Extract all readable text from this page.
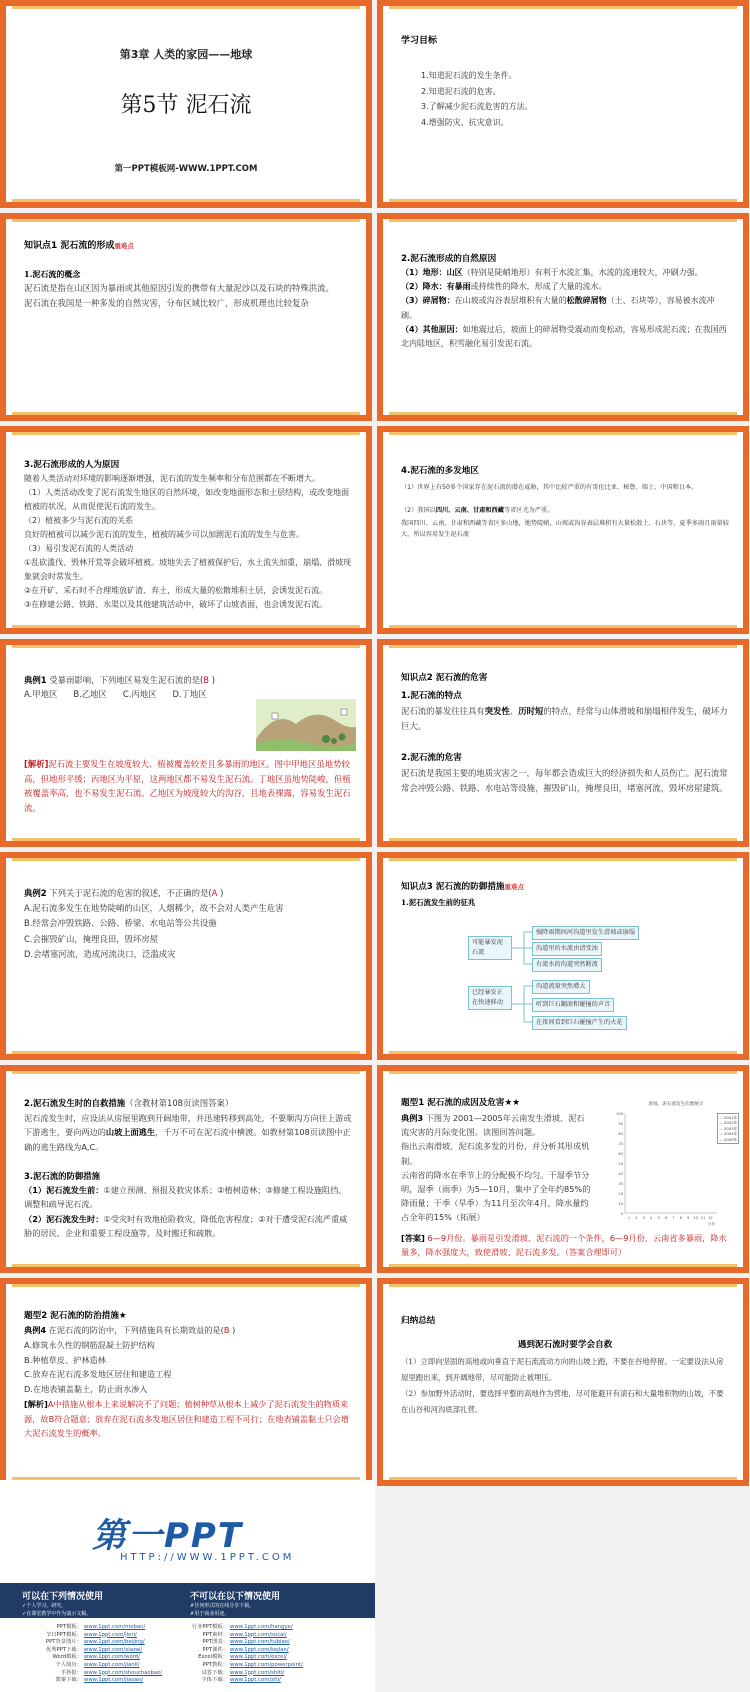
第3章 人类的家园——地球
第5节 泥石流
第一PPT模板网-WWW.1PPT.COM
学习目标
1.知道泥石流的发生条件。
2.知道泥石流的危害。
3.了解减少泥石流危害的方法。
4.增强防灾、抗灾意识。
知识点1 泥石流的形成重难点
1.泥石流的概念
泥石流是指在山区因为暴雨或其他原因引发的携带有大量泥沙以及石块的特殊洪流。
泥石流在我国是一种多发的自然灾害，分布区域比较广，形成机理也比较复杂
2.泥石流形成的自然原因
（1）地形：山区（特别是陡峭地形）有利于水流汇集，水流的流速较大，冲刷力强。
（2）降水：有暴雨或持续性的降水，形成了大量的流水。
（3）碎屑物：在山坡或沟谷表层堆积有大量的松散碎屑物（土、石块等），容易被水流冲刷。
（4）其他原因：如地震过后，坡面上的碎屑物受震动而变松动，容易形成泥石流；在我国西北内陆地区，积雪融化易引发泥石流。
3.泥石流形成的人为原因
随着人类活动对环境的影响逐渐增强，泥石流的发生频率和分布范围都在不断增大。
（1）人类活动改变了泥石流发生地区的自然环境，如改变地面形态和土层结构，或改变地面植被的状况，从而促使泥石流的发生。
（2）植被多少与泥石流的关系
良好的植被可以减少泥石流的发生，植被的减少可以加剧泥石流的发生与危害。
（3）易引发泥石流的人类活动
①乱砍滥伐、毁林开荒等会破坏植被。坡地失去了植被保护后，水土流失加重，崩塌、滑坡现象就会时常发生。
②在开矿、采石时不合理堆放矿渣、弃土，形成大量的松散堆积土层，会诱发泥石流。
③在修建公路、铁路、水渠以及其他建筑活动中，破坏了山坡表面，也会诱发泥石流。
4.泥石流的多发地区
（1）世界上有50多个国家存在泥石流的潜在威胁，其中比较严重的有哥伦比亚、秘鲁、瑞士、中国和日本。
（2）我国以四川、云南、甘肃和西藏等省区尤为严重。
我国四川、云南、甘肃和西藏等省区多山地，地势陡峭，山坡或沟谷表层堆积有大量松散土、石块等，夏季多雨且雨量较大，所以容易发生泥石流
典例1 受暴雨影响，下列地区易发生泥石流的是(B )
A.甲地区      B.乙地区      C.丙地区      D.丁地区
[解析]泥石流主要发生在坡度较大、植被覆盖较差且多暴雨的地区。图中甲地区虽地势较高，但地形平缓；丙地区为平原，这两地区都不易发生泥石流。丁地区虽地势陡峻，但植被覆盖率高，也不易发生泥石流。乙地区为坡度较大的沟谷，且地表裸露，容易发生泥石流。
知识点2 泥石流的危害
1.泥石流的特点
泥石流的暴发往往具有突发性、历时短的特点，经常与山体滑坡和崩塌相伴发生，破坏力巨大。
2.泥石流的危害
泥石流是我国主要的地质灾害之一，每年都会造成巨大的经济损失和人员伤亡。泥石流常常会冲毁公路、铁路、水电站等设施，摧毁矿山，掩埋良田，堵塞河流，毁坏房屋建筑。
典例2 下列关于泥石流的危害的叙述，不正确的是(A )
A.泥石流多发生在地势陡峭的山区，人烟稀少，故不会对人类产生危害
B.经常会冲毁铁路、公路、桥梁、水电站等公共设施
C.会摧毁矿山，掩埋良田，毁坏房屋
D.会堵塞河流，造成河流决口，泛滥成灾
知识点3 泥石流的防御措施重难点
1.泥石流发生前的征兆
可能暴发泥石流
已经暴发正在快速移动
强降雨期间河沟道里发生滑坡或崩塌
沟道里的水流由清变浊
有流水的沟道突然断流
沟道流量突然增大
听到巨石翻滚和碰撞的声音
在夜间看到巨石碰撞产生的火花
2.泥石流发生时的自救措施（含教材第108页读图答案）
泥石流发生时，应设法从房屋里跑到开阔地带，并迅速转移到高处，不要顺沟方向往上游或下游逃生，要向两边的山坡上面逃生，千万不可在泥石流中横渡。如教材第108页读图中正确的逃生路线为A,C。
3.泥石流的防御措施
（1）泥石流发生前：①建立预测、预报及救灾体系；②植树造林；③修建工程设施阻挡、调整和疏导泥石流。
（2）泥石流发生时：①受灾时有效地抢险救灾，降低危害程度；②对于遭受泥石流严重威胁的居民、企业和重要工程设施等，及时搬迁和疏散。
题型1 泥石流的成因及危害★★
典例3 下图为 2001—2005年云南发生滑坡、泥石流灾害的月际变化图。读图回答问题。
指出云南滑坡、泥石流多发的月份，并分析其形成机制。
云南省的降水在季节上的分配极不均匀。干湿季节分明，湿季（雨季）为5—10月，集中了全年约85%的降雨量；干季（旱季）为11月至次年4月，降水量约占全年的15%（拓展）
[答案] 6—9月份。暴雨是引发滑坡、泥石流的一个条件，6—9月份，云南省多暴雨，降水量多，降水强度大，致使滑坡、泥石流多发。（答案合理即可）
滑坡、泥石流发生次数统计
100
90
80
70
60
50
40
30
20
10
0
1 2 3 4 5 6 7 8 9 10 11 12
月份
— 2001年
— 2002年
— 2003年
— 2004年
— 2005年
题型2 泥石流的防治措施★
典例4 在泥石流的防治中，下列措施具有长期效益的是(B )
A.修筑永久性的钢筋混凝土防护结构
B.种植草皮、护林造林
C.放弃在泥石流多发地区居住和建造工程
D.在地表铺盖黏土，防止雨水渗入
[解析]A中措施从根本上来说解决不了问题；植树种草从根本上减少了泥石流发生的物质来源，故B符合题意；放弃在泥石流多发地区居住和建造工程不可行；在地表铺盖黏土只会增大泥石流发生的概率。
归纳总结
遇到泥石流时要学会自救
（1）立即向坚固的高地或向垂直于泥石流流动方向的山坡上跑，不要在谷地停留。一定要设法从房屋里跑出来，到开阔地带，尽可能防止被埋压。
（2）参加野外活动时，要选择平整的高地作为营地，尽可能避开有滚石和大量堆积物的山坡，不要在山谷和河沟底部扎营。
第一PPT
HTTP://WWW.1PPT.COM
可以在下列情况使用
✓个人学习、研究。
✓在课堂教学中作为演示文稿。
不可以在以下情况使用
✗任何形式的在线分享下载。
✗用于商业用途。
PPT模板：
节日PPT模板：
PPT背景图片：
优秀PPT下载：
Word模板：
个人简历：
手抄报：
教案下载：
www.1ppt.com/moban/
www.1ppt.com/jieri/
www.1ppt.com/beijing/
www.1ppt.com/xiazai/
www.1ppt.com/word/
www.1ppt.com/jianli/
www.1ppt.com/shouchaobao/
www.1ppt.com/jiaoan/
行业PPT模板：
PPT素材：
PPT图表：
PPT课件：
Excel模板：
PPT教程：
试卷下载：
字体下载：
www.1ppt.com/hangye/
www.1ppt.com/sucai/
www.1ppt.com/tubiao/
www.1ppt.com/kejian/
www.1ppt.com/excel/
www.1ppt.com/powerpoint/
www.1ppt.com/shiti/
www.1ppt.com/ziti/
